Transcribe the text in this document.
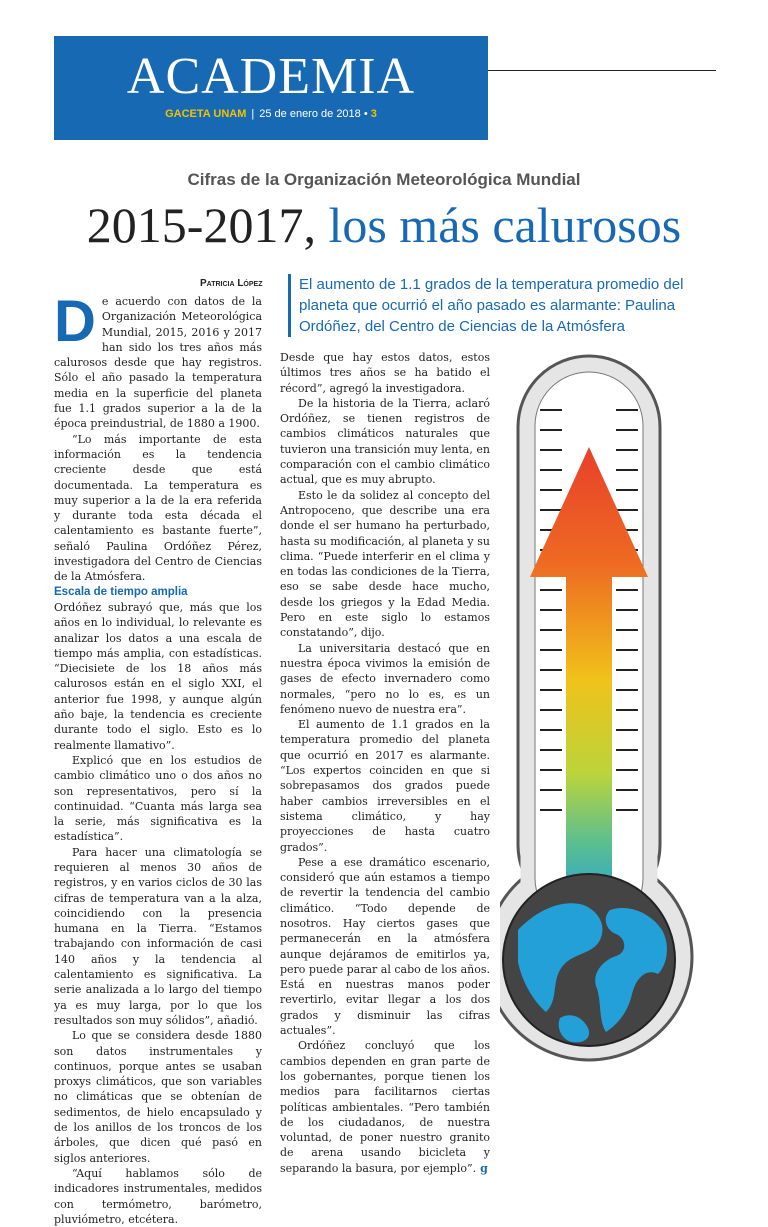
ACADEMIA
GACETA UNAM | 25 de enero de 2018 • 3
Cifras de la Organización Meteorológica Mundial
2015-2017, los más calurosos
Patricia López	El aumento de 1.1 grados de la temperatura promedio del planeta que ocurrió el año pasado es alarmante: Paulina Ordóñez, del Centro de Ciencias de la Atmósfera

De acuerdo con datos de la Organización Meteorológica Mundial, 2015, 2016 y 2017 han sido los tres años más calurosos desde que hay registros. Sólo el año pasado la temperatura media en la superficie del planeta fue 1.1 grados superior a la de la época preindustrial, de 1880 a 1900.

“Lo más importante de esta información es la tendencia creciente desde que está documentada. La temperatura es muy superior a la de la era referida y durante toda esta década el calentamiento es bastante fuerte”, señaló Paulina Ordóñez Pérez, investigadora del Centro de Ciencias de la Atmósfera.

Escala de tiempo amplia

Ordóñez subrayó que, más que los años en lo individual, lo relevante es analizar los datos a una escala de tiempo más amplia, con estadísticas. “Diecisiete de los 18 años más calurosos están en el siglo XXI, el anterior fue 1998, y aunque algún año baje, la tendencia es creciente durante todo el siglo. Esto es lo realmente llamativo”.

Explicó que en los estudios de cambio climático uno o dos años no son representativos, pero sí la continuidad. “Cuanta más larga sea la serie, más significativa es la estadística”.

Para hacer una climatología se requieren al menos 30 años de registros, y en varios ciclos de 30 las cifras de temperatura van a la alza, coincidiendo con la presencia humana en la Tierra. “Estamos trabajando con información de casi 140 años y la tendencia al calentamiento es significativa. La serie analizada a lo largo del tiempo ya es muy larga, por lo que los resultados son muy sólidos”, añadió.

Lo que se considera desde 1880 son datos instrumentales y continuos, porque antes se usaban proxys climáticos, que son variables no climáticas que se obtenían de sedimentos, de hielo encapsulado y de los anillos de los troncos de los árboles, que dicen qué pasó en siglos anteriores.

“Aquí hablamos sólo de indicadores instrumentales, medidos con termómetro, barómetro, pluviómetro, etcétera.

Desde que hay estos datos, estos últimos tres años se ha batido el récord”, agregó la investigadora.

De la historia de la Tierra, aclaró Ordóñez, se tienen registros de cambios climáticos naturales que tuvieron una transición muy lenta, en comparación con el cambio climático actual, que es muy abrupto.

Esto le da solidez al concepto del Antropoceno, que describe una era donde el ser humano ha perturbado, hasta su modificación, al planeta y su clima. “Puede interferir en el clima y en todas las condiciones de la Tierra, eso se sabe desde hace mucho, desde los griegos y la Edad Media. Pero en este siglo lo estamos constatando”, dijo.

La universitaria destacó que en nuestra época vivimos la emisión de gases de efecto invernadero como normales, “pero no lo es, es un fenómeno nuevo de nuestra era”.

El aumento de 1.1 grados en la temperatura promedio del planeta que ocurrió en 2017 es alarmante. “Los expertos coinciden en que si sobrepasamos dos grados puede haber cambios irreversibles en el sistema climático, y hay proyecciones de hasta cuatro grados”.

Pese a ese dramático escenario, consideró que aún estamos a tiempo de revertir la tendencia del cambio climático. “Todo depende de nosotros. Hay ciertos gases que permanecerán en la atmósfera aunque dejáramos de emitirlos ya, pero puede parar al cabo de los años. Está en nuestras manos poder revertirlo, evitar llegar a los dos grados y disminuir las cifras actuales”.

Ordóñez concluyó que los cambios dependen en gran parte de los gobernantes, porque tienen los medios para facilitarnos ciertas políticas ambientales. “Pero también de los ciudadanos, de nuestra voluntad, de poner nuestro granito de arena usando bicicleta y separando la basura, por ejemplo”. g
